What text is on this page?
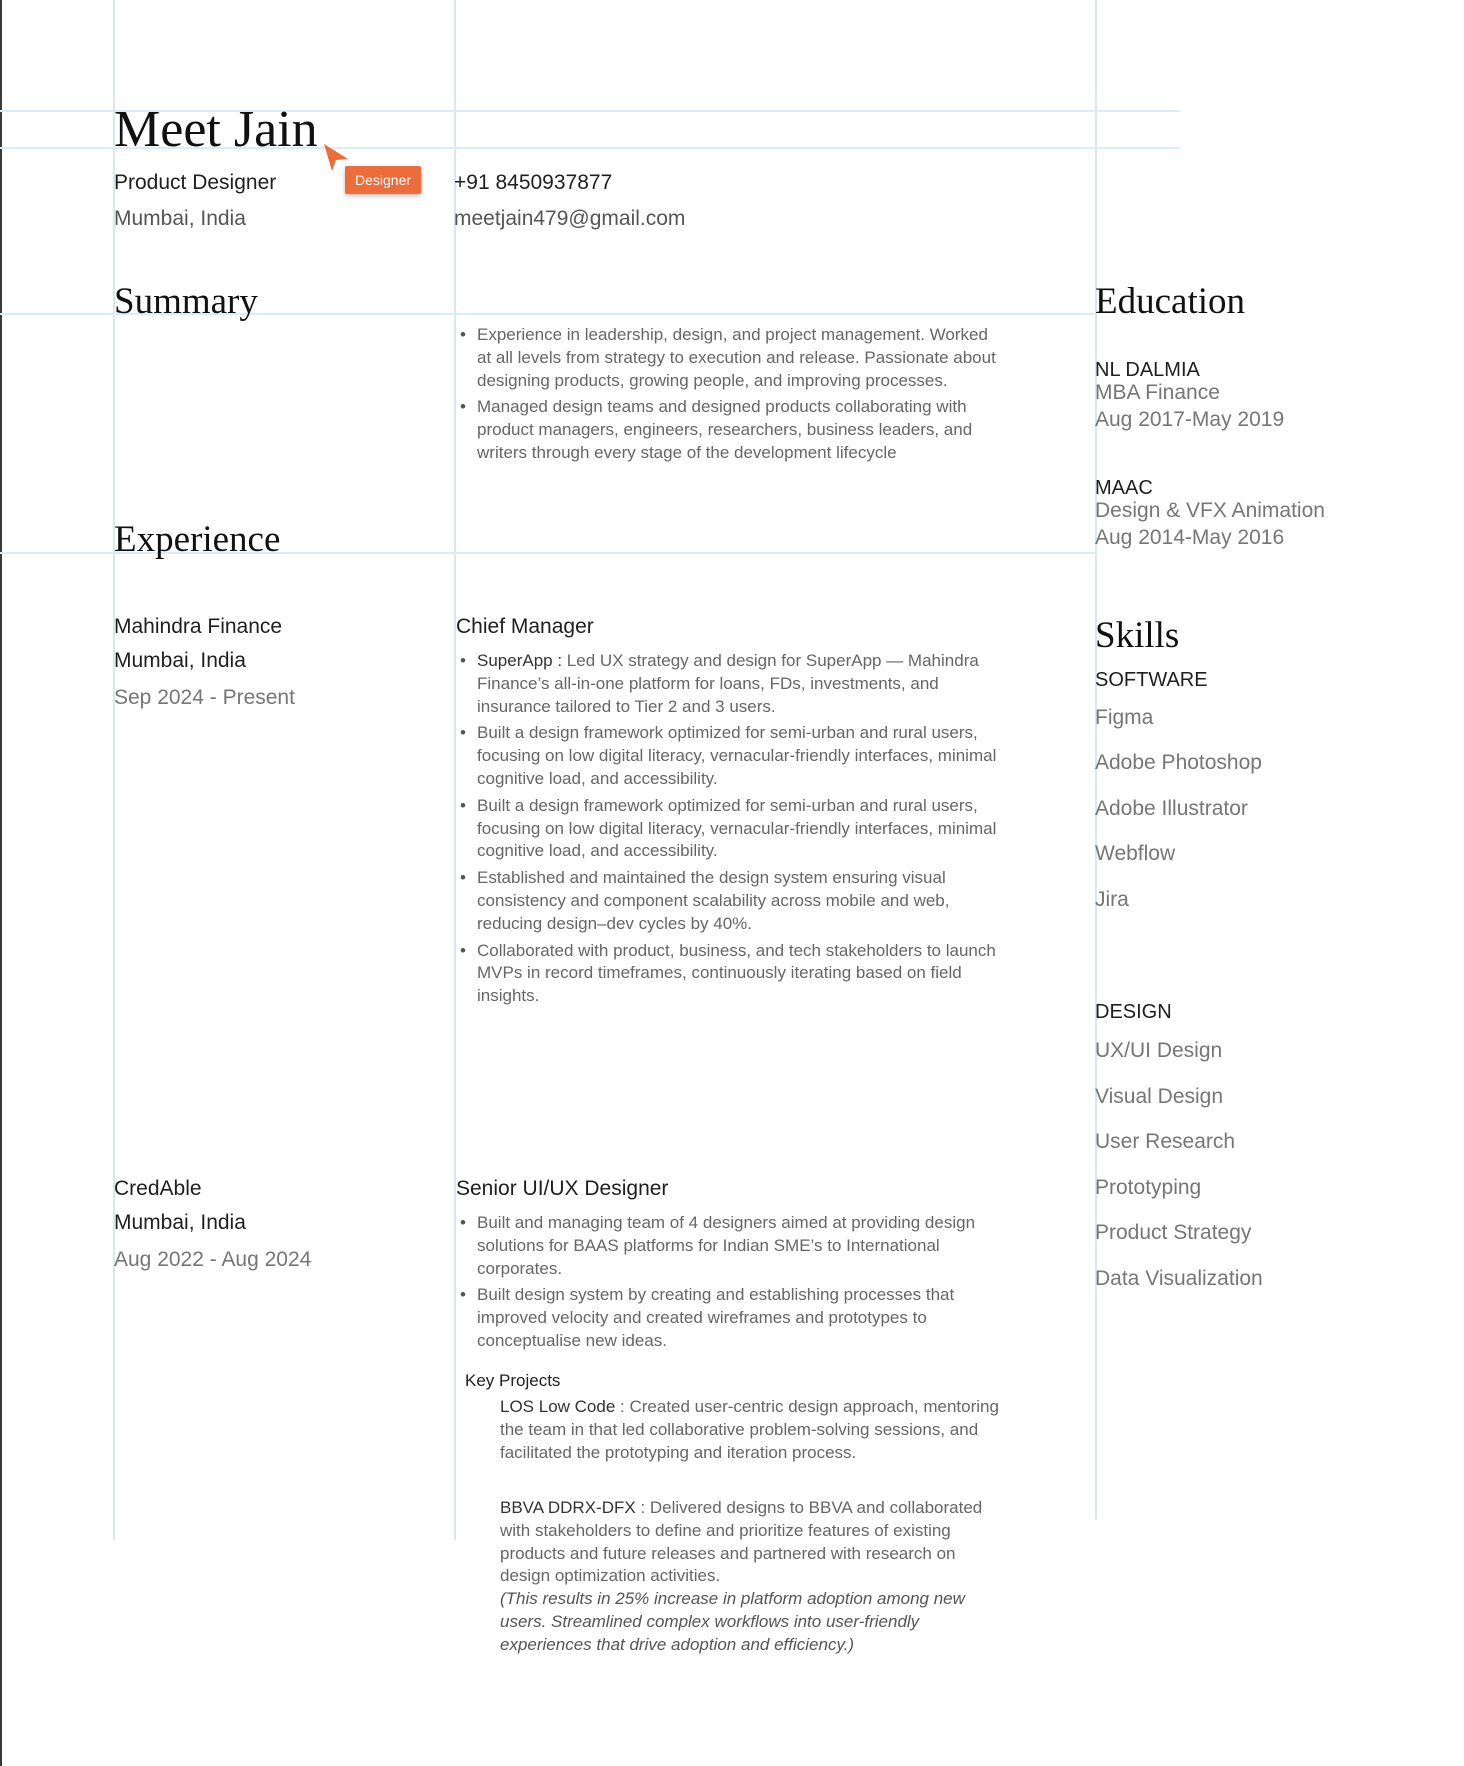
Meet Jain
Designer
Product Designer
Mumbai, India
+91 8450937877
meetjain479@gmail.com
Summary
• Experience in leadership, design, and project management. Worked at all levels from strategy to execution and release. Passionate about designing products, growing people, and improving processes.
• Managed design teams and designed products collaborating with product managers, engineers, researchers, business leaders, and writers through every stage of the development lifecycle
Experience
Mahindra Finance
Mumbai, India
Sep 2024 - Present
Chief Manager
• SuperApp : Led UX strategy and design for SuperApp — Mahindra Finance’s all-in-one platform for loans, FDs, investments, and insurance tailored to Tier 2 and 3 users.
• Built a design framework optimized for semi-urban and rural users, focusing on low digital literacy, vernacular-friendly interfaces, minimal cognitive load, and accessibility.
• Built a design framework optimized for semi-urban and rural users, focusing on low digital literacy, vernacular-friendly interfaces, minimal cognitive load, and accessibility.
• Established and maintained the design system ensuring visual consistency and component scalability across mobile and web, reducing design–dev cycles by 40%.
• Collaborated with product, business, and tech stakeholders to launch MVPs in record timeframes, continuously iterating based on field insights.
CredAble
Mumbai, India
Aug 2022 - Aug 2024
Senior UI/UX Designer
• Built and managing team of 4 designers aimed at providing design solutions for BAAS platforms for Indian SME’s to International corporates.
• Built design system by creating and establishing processes that improved velocity and created wireframes and prototypes to conceptualise new ideas.
Key Projects
LOS Low Code : Created user-centric design approach, mentoring the team in that led collaborative problem-solving sessions, and facilitated the prototyping and iteration process.
BBVA DDRX-DFX : Delivered designs to BBVA and collaborated with stakeholders to define and prioritize features of existing products and future releases and partnered with research on design optimization activities.
(This results in 25% increase in platform adoption among new users. Streamlined complex workflows into user-friendly experiences that drive adoption and efficiency.)
Education
NL DALMIA
MBA Finance
Aug 2017-May 2019
MAAC
Design & VFX Animation
Aug 2014-May 2016
Skills
SOFTWARE
Figma
Adobe Photoshop
Adobe Illustrator
Webflow
Jira
DESIGN
UX/UI Design
Visual Design
User Research
Prototyping
Product Strategy
Data Visualization
